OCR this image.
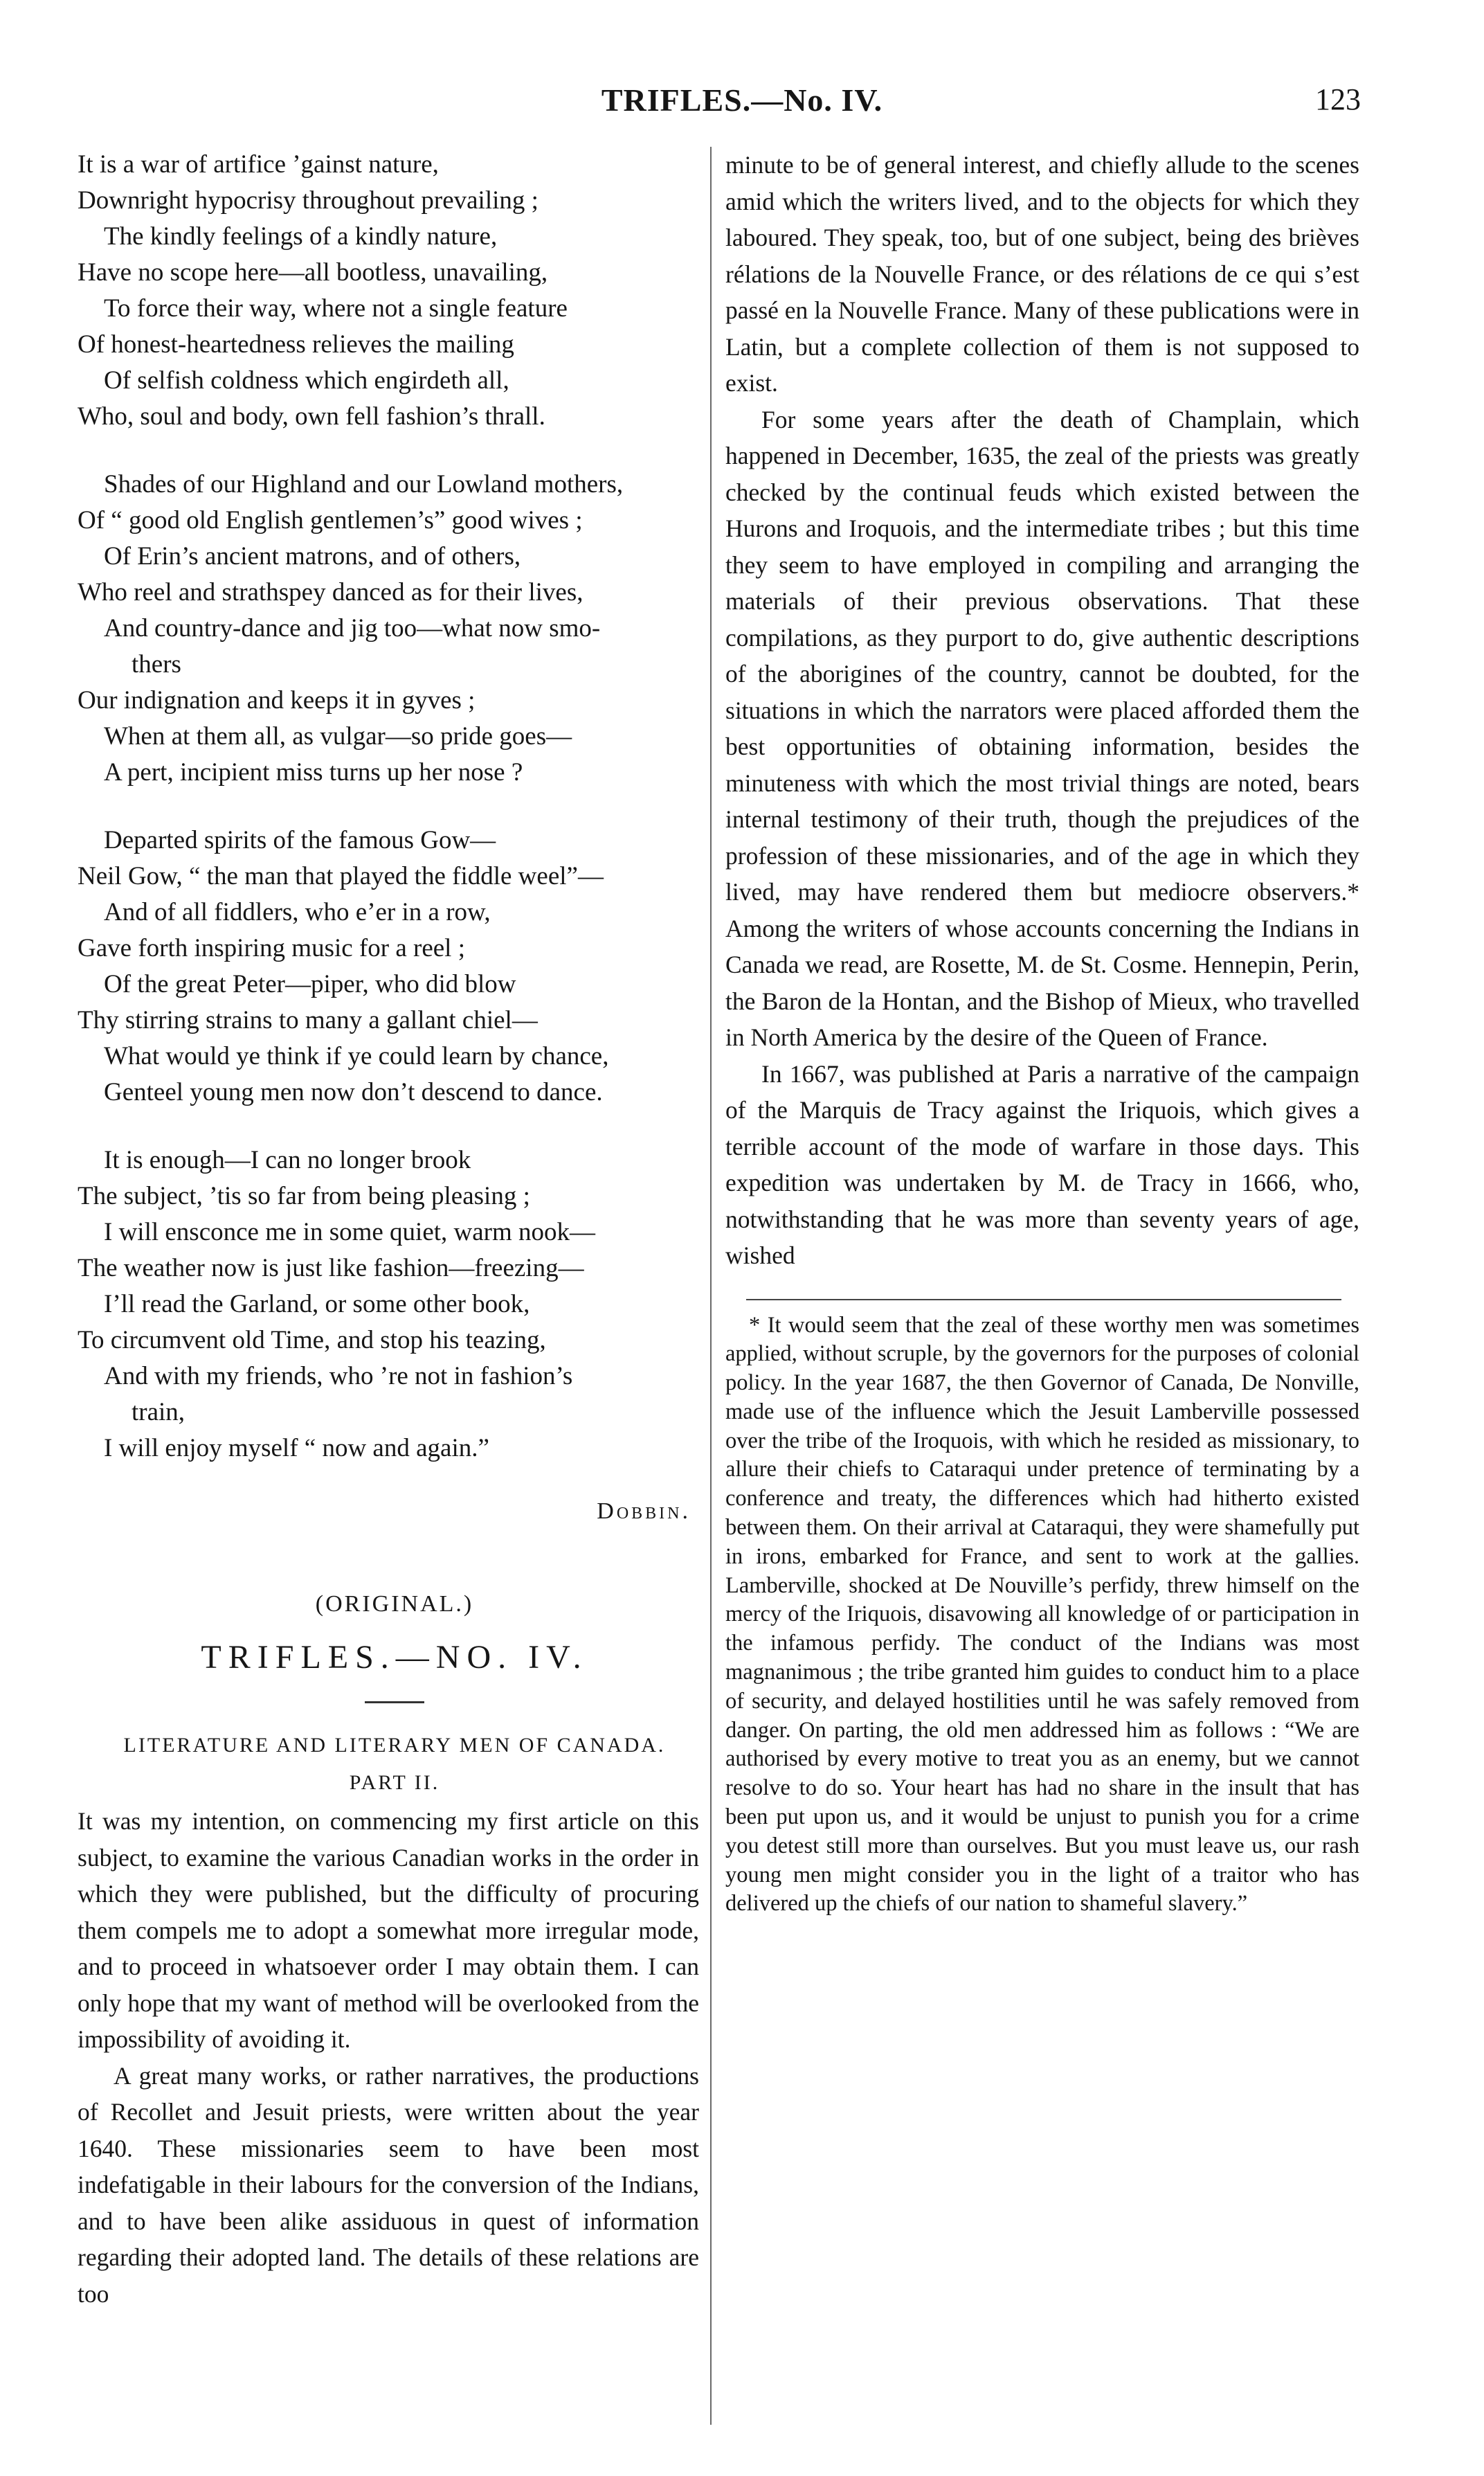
TRIFLES.—No. IV.	123
It is a war of artifice ’gainst nature,
Downright hypocrisy throughout prevailing ;
The kindly feelings of a kindly nature,
Have no scope here—all bootless, unavailing,
To force their way, where not a single feature
Of honest-heartedness relieves the mailing
Of selfish coldness which engirdeth all,
Who, soul and body, own fell fashion’s thrall.
Shades of our Highland and our Lowland mothers,
Of “ good old English gentlemen’s” good wives ;
Of Erin’s ancient matrons, and of others,
Who reel and strathspey danced as for their lives,
And country-dance and jig too—what now smo-
thers
Our indignation and keeps it in gyves ;
When at them all, as vulgar—so pride goes—
A pert, incipient miss turns up her nose ?
Departed spirits of the famous Gow—
Neil Gow, “ the man that played the fiddle weel”—
And of all fiddlers, who e’er in a row,
Gave forth inspiring music for a reel ;
Of the great Peter—piper, who did blow
Thy stirring strains to many a gallant chiel—
What would ye think if ye could learn by chance,
Genteel young men now don’t descend to dance.
It is enough—I can no longer brook
The subject, ’tis so far from being pleasing ;
I will ensconce me in some quiet, warm nook—
The weather now is just like fashion—freezing—
I’ll read the Garland, or some other book,
To circumvent old Time, and stop his teazing,
And with my friends, who ’re not in fashion’s
train,
I will enjoy myself “ now and again.”
Dobbin.
(ORIGINAL.)
TRIFLES.—NO. IV.
LITERATURE AND LITERARY MEN OF CANADA.
PART II.

It was my intention, on commencing my first article on this subject, to examine the various Canadian works in the order in which they were published, but the difficulty of procuring them compels me to adopt a somewhat more irregular mode, and to proceed in whatsoever order I may obtain them. I can only hope that my want of method will be overlooked from the impossibility of avoiding it.

A great many works, or rather narratives, the productions of Recollet and Jesuit priests, were written about the year 1640. These missionaries seem to have been most indefatigable in their labours for the conversion of the Indians, and to have been alike assiduous in quest of information regarding their adopted land. The details of these relations are too

minute to be of general interest, and chiefly allude to the scenes amid which the writers lived, and to the objects for which they laboured. They speak, too, but of one subject, being des brièves rélations de la Nouvelle France, or des rélations de ce qui s’est passé en la Nouvelle France. Many of these publications were in Latin, but a complete collection of them is not supposed to exist.

For some years after the death of Champlain, which happened in December, 1635, the zeal of the priests was greatly checked by the continual feuds which existed between the Hurons and Iroquois, and the intermediate tribes ; but this time they seem to have employed in compiling and arranging the materials of their previous observations. That these compilations, as they purport to do, give authentic descriptions of the aborigines of the country, cannot be doubted, for the situations in which the narrators were placed afforded them the best opportunities of obtaining information, besides the minuteness with which the most trivial things are noted, bears internal testimony of their truth, though the prejudices of the profession of these missionaries, and of the age in which they lived, may have rendered them but mediocre observers.* Among the writers of whose accounts concerning the Indians in Canada we read, are Rosette, M. de St. Cosme. Hennepin, Perin, the Baron de la Hontan, and the Bishop of Mieux, who travelled in North America by the desire of the Queen of France.

In 1667, was published at Paris a narrative of the campaign of the Marquis de Tracy against the Iriquois, which gives a terrible account of the mode of warfare in those days. This expedition was undertaken by M. de Tracy in 1666, who, notwithstanding that he was more than seventy years of age, wished

* It would seem that the zeal of these worthy men was sometimes applied, without scruple, by the governors for the purposes of colonial policy. In the year 1687, the then Governor of Canada, De Nonville, made use of the influence which the Jesuit Lamberville possessed over the tribe of the Iroquois, with which he resided as missionary, to allure their chiefs to Cataraqui under pretence of terminating by a conference and treaty, the differences which had hitherto existed between them. On their arrival at Cataraqui, they were shamefully put in irons, embarked for France, and sent to work at the gallies. Lamberville, shocked at De Nouville’s perfidy, threw himself on the mercy of the Iriquois, disavowing all knowledge of or participation in the infamous perfidy. The conduct of the Indians was most magnanimous ; the tribe granted him guides to conduct him to a place of security, and delayed hostilities until he was safely removed from danger. On parting, the old men addressed him as follows : “We are authorised by every motive to treat you as an enemy, but we cannot resolve to do so. Your heart has had no share in the insult that has been put upon us, and it would be unjust to punish you for a crime you detest still more than ourselves. But you must leave us, our rash young men might consider you in the light of a traitor who has delivered up the chiefs of our nation to shameful slavery.”
